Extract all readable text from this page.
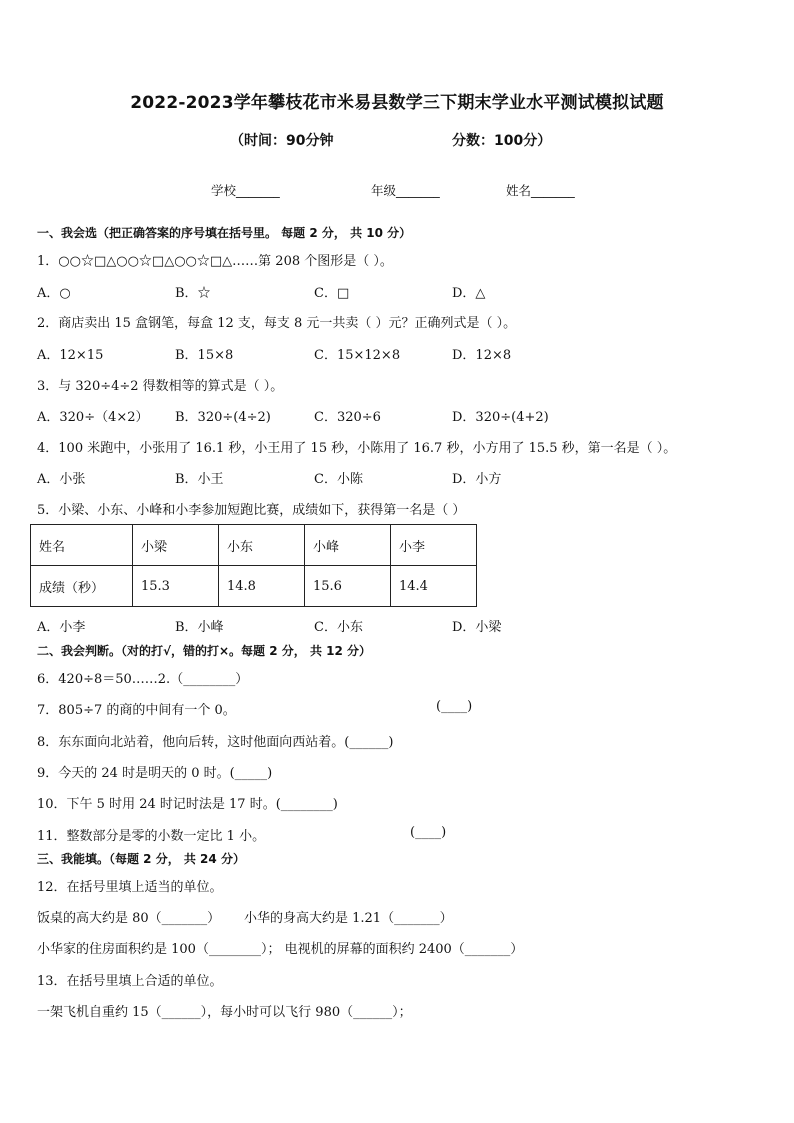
2022-2023学年攀枝花市米易县数学三下期末学业水平测试模拟试题
（时间：90分钟	分数：100分）
学校_______	年级_______	姓名_______
一、我会选（把正确答案的序号填在括号里。 每题 2 分， 共 10 分）
1．○○☆□△○○☆□△○○☆□△……第 208 个图形是（ ）。
A．○	B．☆	C．□	D．△
2．商店卖出 15 盒钢笔，每盒 12 支，每支 8 元一共卖（ ）元？正确列式是（ ）。
A．12×15	B．15×8	C．15×12×8	D．12×8
3．与 320÷4÷2 得数相等的算式是（ ）。
A．320÷（4×2） B．320÷(4÷2)	C．320÷6	D．320÷(4+2)
4．100 米跑中，小张用了 16.1 秒，小王用了 15 秒，小陈用了 16.7 秒，小方用了 15.5 秒，第一名是（ ）。
A．小张	B．小王	C．小陈	D．小方
5．小梁、小东、小峰和小李参加短跑比赛，成绩如下，获得第一名是（ ）
姓名	小梁	小东	小峰	小李
成绩（秒）	15.3	14.8	15.6	14.4
A．小李	B．小峰	C．小东	D．小梁
二、我会判断。（对的打√，错的打×。每题 2 分， 共 12 分）
6．420÷8＝50……2.（________）
7．805÷7 的商的中间有一个 0。	(____)
8．东东面向北站着，他向后转，这时他面向西站着。(______)
9．今天的 24 时是明天的 0 时。(_____)
10．下午 5 时用 24 时记时法是 17 时。(________)
11．整数部分是零的小数一定比 1 小。	(____)
三、我能填。（每题 2 分， 共 24 分）
12．在括号里填上适当的单位。
饭桌的高大约是 80（_______） 小华的身高大约是 1.21（_______）
小华家的住房面积约是 100（________）； 电视机的屏幕的面积约 2400（_______）
13．在括号里填上合适的单位。
一架飞机自重约 15（______），每小时可以飞行 980（______）；
